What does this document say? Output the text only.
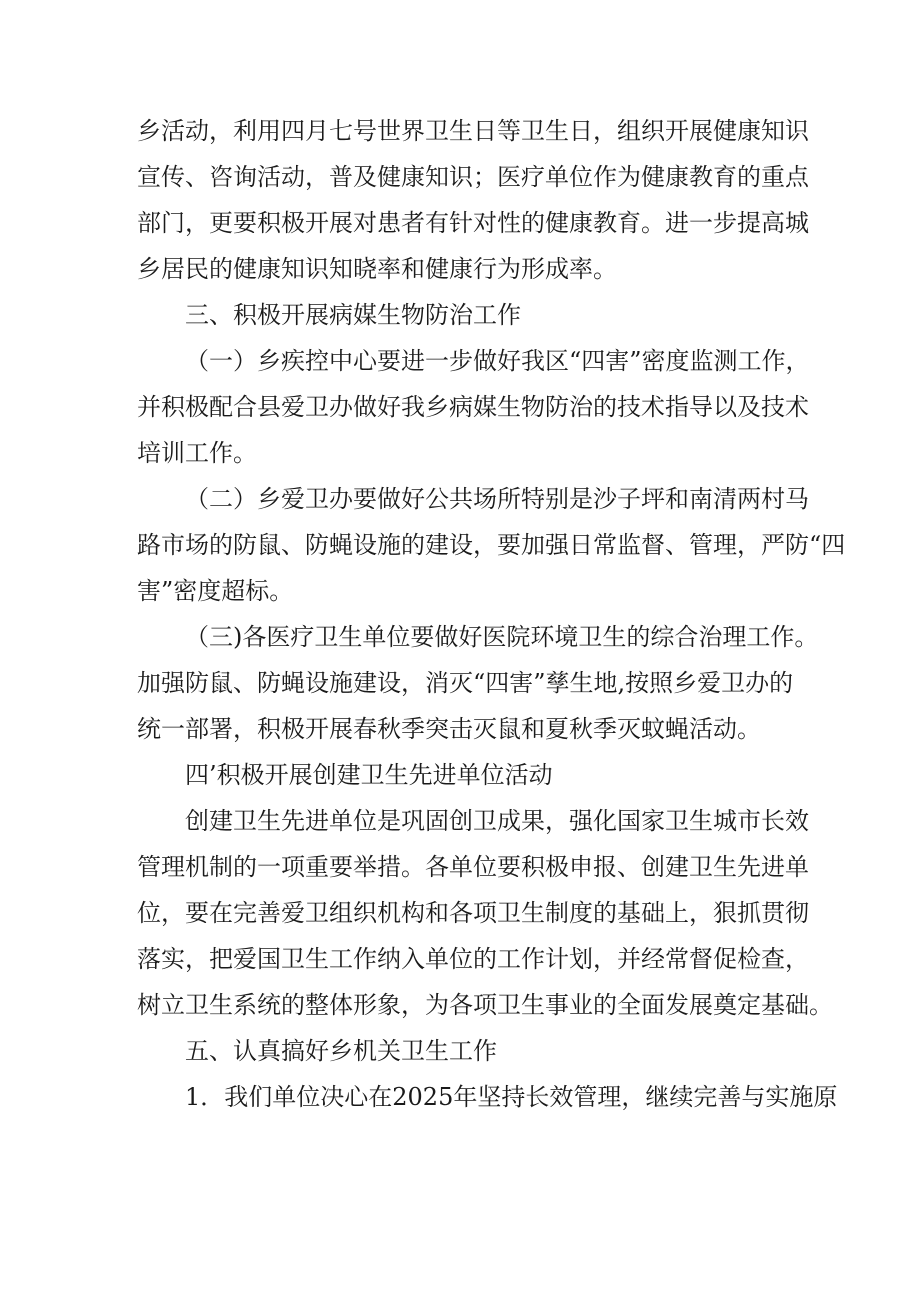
乡活动，利用四月七号世界卫生日等卫生日，组织开展健康知识
宣传、咨询活动，普及健康知识；医疗单位作为健康教育的重点
部门，更要积极开展对患者有针对性的健康教育。进一步提高城
乡居民的健康知识知晓率和健康行为形成率。
三、积极开展病媒生物防治工作
（一）乡疾控中心要进一步做好我区“四害”密度监测工作，
并积极配合县爱卫办做好我乡病媒生物防治的技术指导以及技术
培训工作。
（二）乡爱卫办要做好公共场所特别是沙子坪和南清两村马
路市场的防鼠、防蝇设施的建设，要加强日常监督、管理，严防“四
害”密度超标。
（三)各医疗卫生单位要做好医院环境卫生的综合治理工作。
加强防鼠、防蝇设施建设，消灭“四害”孳生地,按照乡爱卫办的
统一部署，积极开展春秋季突击灭鼠和夏秋季灭蚊蝇活动。
四’积极开展创建卫生先进单位活动
创建卫生先进单位是巩固创卫成果，强化国家卫生城市长效
管理机制的一项重要举措。各单位要积极申报、创建卫生先进单
位，要在完善爱卫组织机构和各项卫生制度的基础上，狠抓贯彻
落实，把爱国卫生工作纳入单位的工作计划，并经常督促检查，
树立卫生系统的整体形象，为各项卫生事业的全面发展奠定基础。
五、认真搞好乡机关卫生工作
1．我们单位决心在2025年坚持长效管理，继续完善与实施原
